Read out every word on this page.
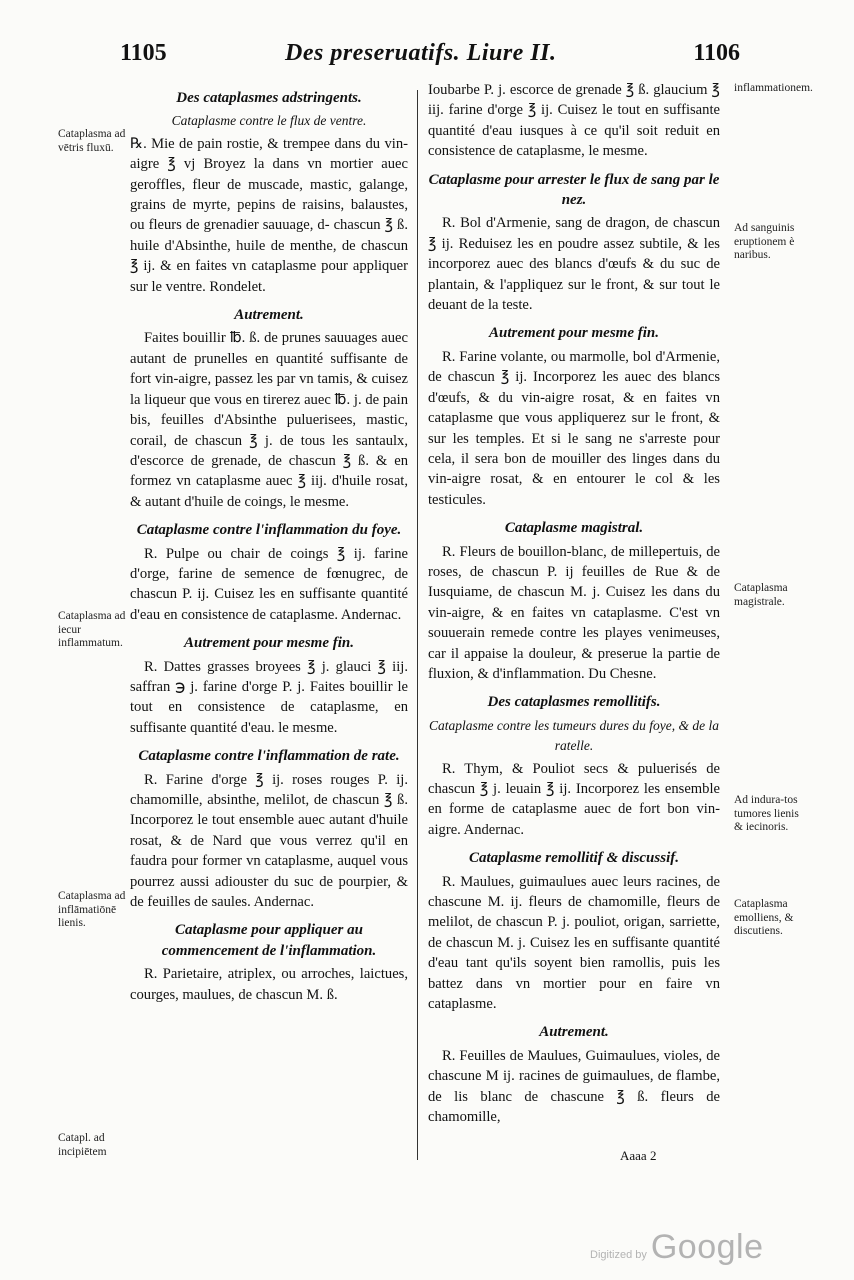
1105	Des preseruatifs. Liure II.	1106
Des cataplasmes adstringents.
Cataplasme contre le flux de ventre.
℞. Mie de pain rostie, & trempee dans du vin-aigre ℥ vj Broyez la dans vn mortier auec geroffles, fleur de muscade, mastic, galange, grains de myrte, pepins de raisins, balaustes, ou fleurs de grenadier sauuage, d- chascun ℥ ß. huile d'Absinthe, huile de menthe, de chascun ℥ ij. & en faites vn cataplasme pour appliquer sur le ventre. Rondelet.
Autrement.
Faites bouillir ℔. ß. de prunes sauuages auec autant de prunelles en quantité suffisante de fort vin-aigre, passez les par vn tamis, & cuisez la liqueur que vous en tirerez auec ℔. j. de pain bis, feuilles d'Absinthe puluerisees, mastic, corail, de chascun ℥ j. de tous les santaulx, d'escorce de grenade, de chascun ℥ ß. & en formez vn cataplasme auec ℥ iij. d'huile rosat, & autant d'huile de coings, le mesme.
Cataplasme contre l'inflammation du foye.
R. Pulpe ou chair de coings ℥ ij. farine d'orge, farine de semence de fœnugrec, de chascun P. ij. Cuisez les en suffisante quantité d'eau en consistence de cataplasme. Andernac.
Autrement pour mesme fin.
R. Dattes grasses broyees ℥ j. glauci ℥ iij. saffran ℈ j. farine d'orge P. j. Faites bouillir le tout en consistence de cataplasme, en suffisante quantité d'eau. le mesme.
Cataplasme contre l'inflammation de rate.
R. Farine d'orge ℥ ij. roses rouges P. ij. chamomille, absinthe, melilot, de chascun ℥ ß. Incorporez le tout ensemble auec autant d'huile rosat, & de Nard que vous verrez qu'il en faudra pour former vn cataplasme, auquel vous pourrez aussi adiouster du suc de pourpier, & de feuilles de saules. Andernac.
Cataplasme pour appliquer au commencement de l'inflammation.
R. Parietaire, atriplex, ou arroches, laictues, courges, maulues, de chascun M. ß.
Ioubarbe P. j. escorce de grenade ℥ ß. glaucium ℥ iij. farine d'orge ℥ ij. Cuisez le tout en suffisante quantité d'eau iusques à ce qu'il soit reduit en consistence de cataplasme, le mesme.
Cataplasme pour arrester le flux de sang par le nez.
R. Bol d'Armenie, sang de dragon, de chascun ℥ ij. Reduisez les en poudre assez subtile, & les incorporez auec des blancs d'œufs & du suc de plantain, & l'appliquez sur le front, & sur tout le deuant de la teste.
Autrement pour mesme fin.
R. Farine volante, ou marmolle, bol d'Armenie, de chascun ℥ ij. Incorporez les auec des blancs d'œufs, & du vin-aigre rosat, & en faites vn cataplasme que vous appliquerez sur le front, & sur les temples. Et si le sang ne s'arreste pour cela, il sera bon de mouiller des linges dans du vin-aigre rosat, & en entourer le col & les testicules.
Cataplasme magistral.
R. Fleurs de bouillon-blanc, de millepertuis, de roses, de chascun P. ij feuilles de Rue & de Iusquiame, de chascun M. j. Cuisez les dans du vin-aigre, & en faites vn cataplasme. C'est vn souuerain remede contre les playes venimeuses, car il appaise la douleur, & preserue la partie de fluxion, & d'inflammation. Du Chesne.
Des cataplasmes remollitifs.
Cataplasme contre les tumeurs dures du foye, & de la ratelle.
R. Thym, & Pouliot secs & puluerisés de chascun ℥ j. leuain ℥ ij. Incorporez les ensemble en forme de cataplasme auec de fort bon vin-aigre. Andernac.
Cataplasme remollitif & discussif.
R. Maulues, guimaulues auec leurs racines, de chascune M. ij. fleurs de chamomille, fleurs de melilot, de chascun P. j. pouliot, origan, sarriette, de chascun M. j. Cuisez les en suffisante quantité d'eau tant qu'ils soyent bien ramollis, puis les battez dans vn mortier pour en faire vn cataplasme.
Autrement.
R. Feuilles de Maulues, Guimaulues, violes, de chascune M ij. racines de guimaulues, de flambe, de lis blanc de chascune ℥ ß. fleurs de chamomille,
Cataplasma ad vētris fluxū.
Cataplasma ad iecur inflammatum.
Cataplasma ad inflāmatiōnē lienis.
Catapl. ad incipiētem
inflammationem.
Ad sanguinis eruptionem è naribus.
Cataplasma magistrale.
Ad indura-tos tumores lienis & iecinoris.
Cataplasma emolliens, & discutiens.
Aaaa 2
Digitized by Google
